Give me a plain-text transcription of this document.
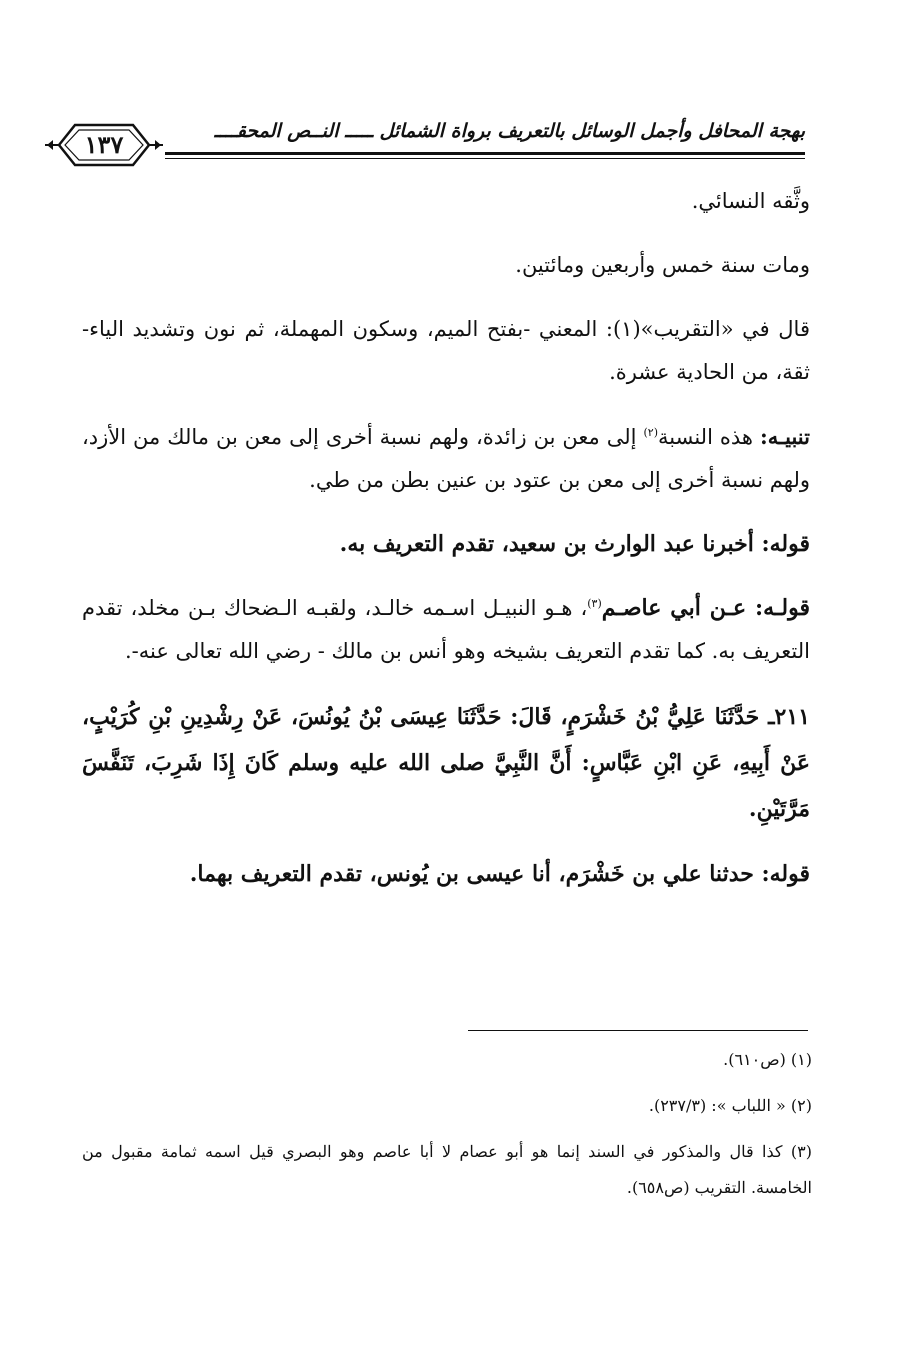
بهجة المحافل وأجمل الوسائل بالتعريف برواة الشمائل ـــــ النــص المحقــــ
١٣٧

وثَّقه النسائي.

ومات سنة خمس وأربعين ومائتين.

قال في «التقريب»(١): المعني -بفتح الميم، وسكون المهملة، ثم نون وتشديد الياء- ثقة، من الحادية عشرة.

تنبيـه: هذه النسبة$^{(٢)}$ إلى معن بن زائدة، ولهم نسبة أخرى إلى معن بن مالك من الأزد، ولهم نسبة أخرى إلى معن بن عتود بن عنين بطن من طي.

قوله: أخبرنا عبد الوارث بن سعيد، تقدم التعريف به.

قولـه: عـن أبي عاصـم$^{(٣)}$، هـو النبيـل اسـمه خالـد، ولقبـه الـضحاك بـن مخلد، تقدم التعريف به. كما تقدم التعريف بشيخه وهو أنس بن مالك - رضي الله تعالى عنه-.

٢١١ـ حَدَّثَنَا عَلِيُّ بْنُ خَشْرَمٍ، قَالَ: حَدَّثَنَا عِيسَى بْنُ يُونُسَ، عَنْ رِشْدِينِ بْنِ كُرَيْبٍ، عَنْ أَبِيهِ، عَنِ ابْنِ عَبَّاسٍ: أَنَّ النَّبِيَّ صلى الله عليه وسلم كَانَ إِذَا شَرِبَ، تَنَفَّسَ مَرَّتَيْنِ.

قوله: حدثنا علي بن خَشْرَم، أنا عيسى بن يُونس، تقدم التعريف بهما.

(١) (ص٦١٠).

(٢) « اللباب »: (٢٣٧/٣).

(٣) كذا قال والمذكور في السند إنما هو أبو عصام لا أبا عاصم وهو البصري قيل اسمه ثمامة مقبول من الخامسة. التقريب (ص٦٥٨).
